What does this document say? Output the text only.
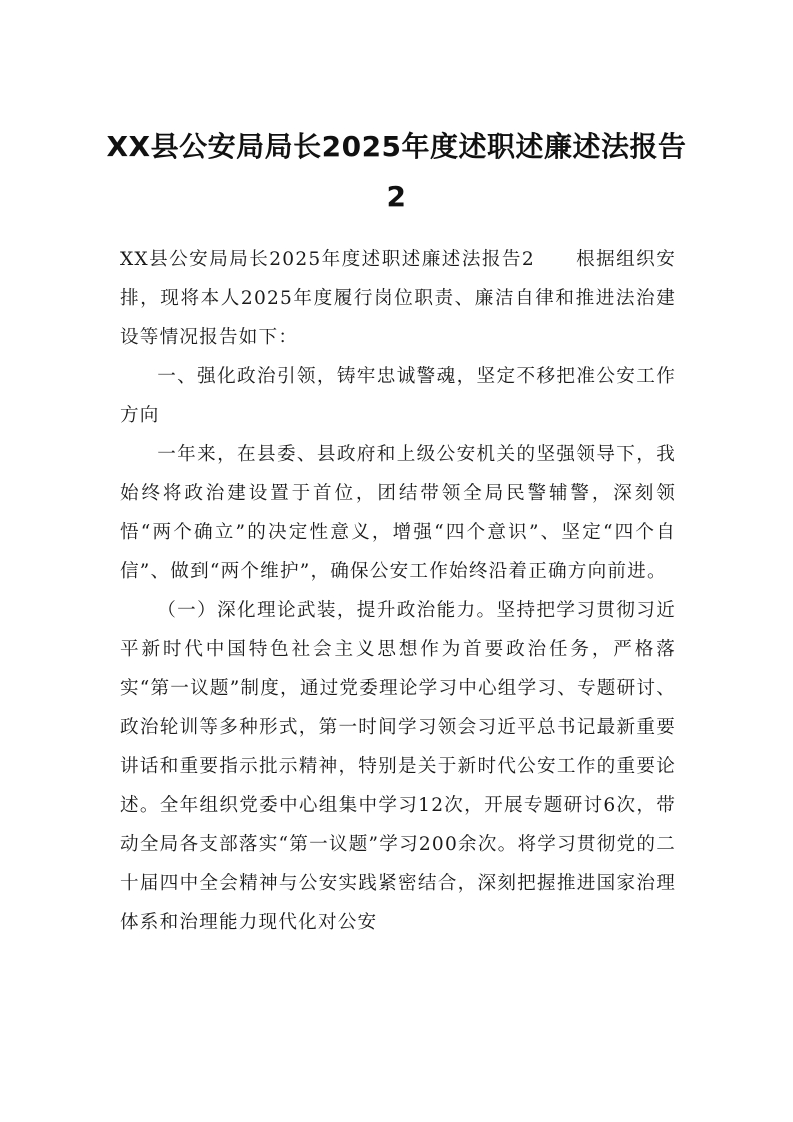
XX县公安局局长2025年度述职述廉述法报告2

XX县公安局局长2025年度述职述廉述法报告2 根据组织安排，现将本人2025年度履行岗位职责、廉洁自律和推进法治建设等情况报告如下：

一、强化政治引领，铸牢忠诚警魂，坚定不移把准公安工作方向

一年来，在县委、县政府和上级公安机关的坚强领导下，我始终将政治建设置于首位，团结带领全局民警辅警，深刻领悟“两个确立”的决定性意义，增强“四个意识”、坚定“四个自信”、做到“两个维护”，确保公安工作始终沿着正确方向前进。

（一）深化理论武装，提升政治能力。坚持把学习贯彻习近平新时代中国特色社会主义思想作为首要政治任务，严格落实“第一议题”制度，通过党委理论学习中心组学习、专题研讨、政治轮训等多种形式，第一时间学习领会习近平总书记最新重要讲话和重要指示批示精神，特别是关于新时代公安工作的重要论述。全年组织党委中心组集中学习12次，开展专题研讨6次，带动全局各支部落实“第一议题”学习200余次。将学习贯彻党的二十届四中全会精神与公安实践紧密结合，深刻把握推进国家治理体系和治理能力现代化对公安
